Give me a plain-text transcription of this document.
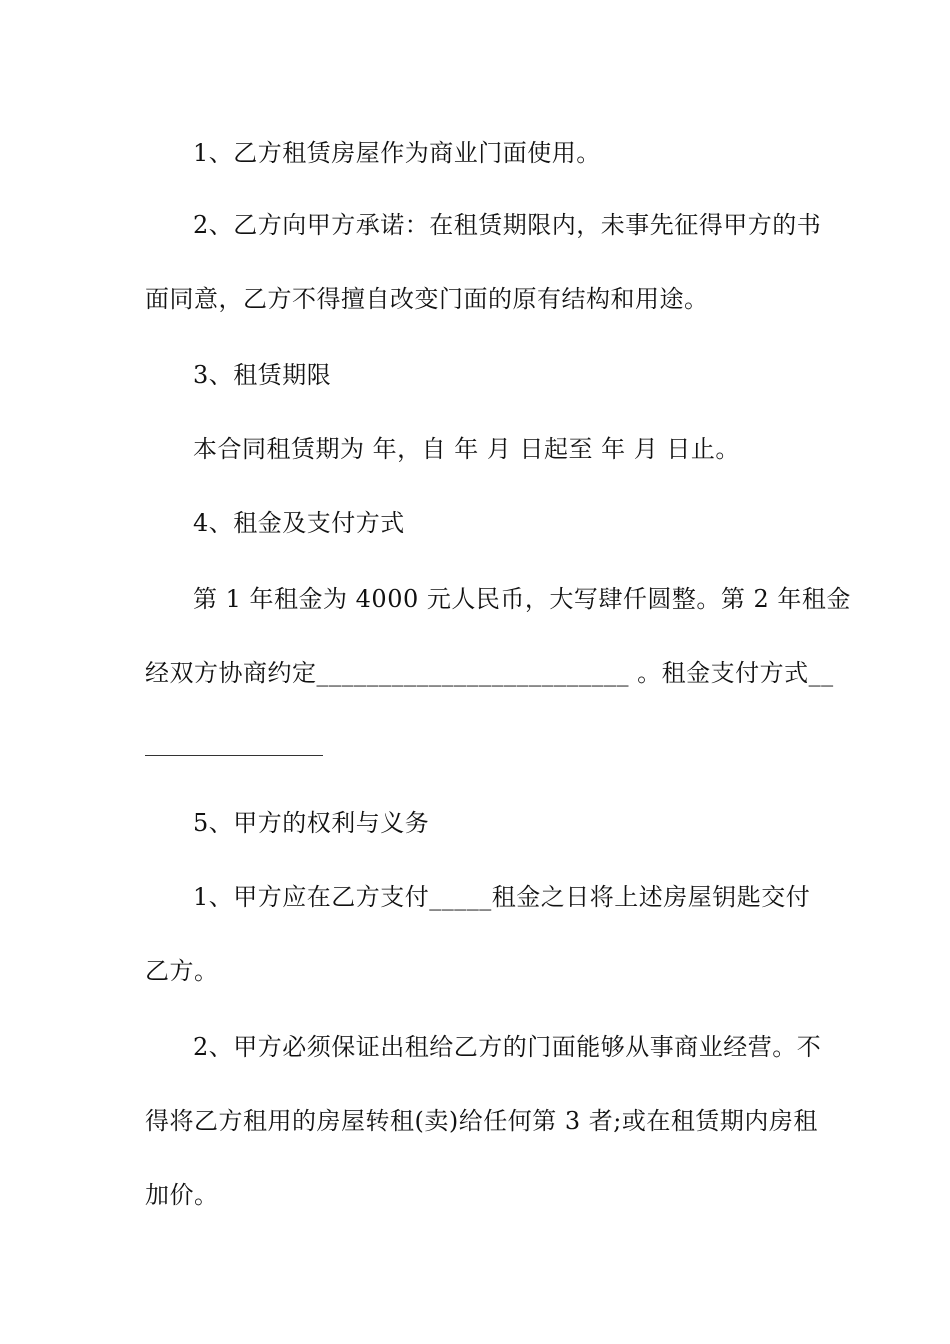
1、乙方租赁房屋作为商业门面使用。

2、乙方向甲方承诺：在租赁期限内，未事先征得甲方的书

面同意，乙方不得擅自改变门面的原有结构和用途。

3、租赁期限

本合同租赁期为 年，自 年 月 日起至 年 月 日止。

4、租金及支付方式

第 1 年租金为 4000 元人民币，大写肆仟圆整。第 2 年租金

经双方协商约定_________________________ 。租金支付方式__

5、甲方的权利与义务

1、甲方应在乙方支付_____租金之日将上述房屋钥匙交付

乙方。

2、甲方必须保证出租给乙方的门面能够从事商业经营。不

得将乙方租用的房屋转租(卖)给任何第 3 者;或在租赁期内房租

加价。
